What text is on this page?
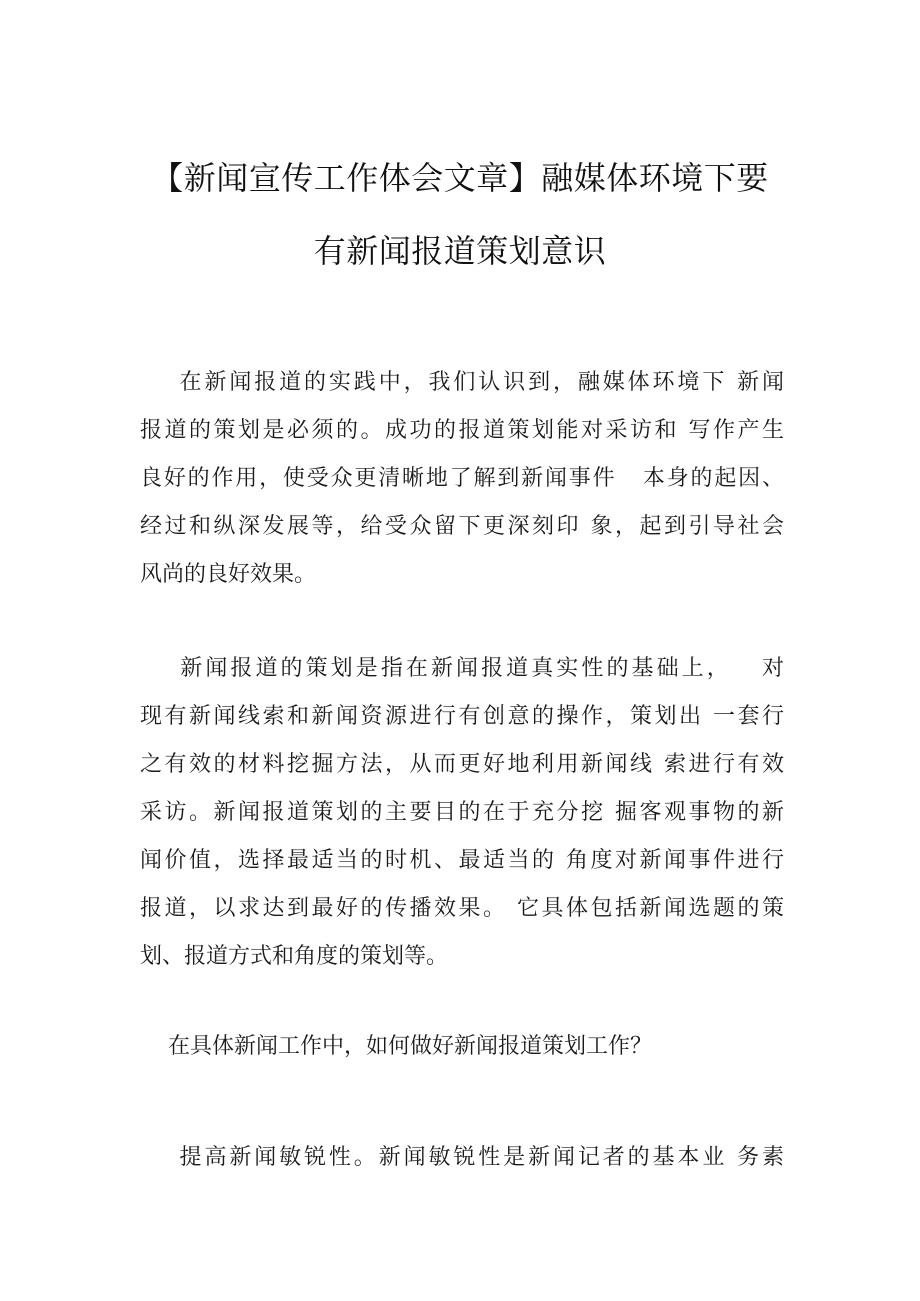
【新闻宣传工作体会文章】融媒体环境下要
有新闻报道策划意识
在新闻报道的实践中，我们认识到，融媒体环境下 新闻
报道的策划是必须的。成功的报道策划能对采访和 写作产生
良好的作用，使受众更清晰地了解到新闻事件   本身的起因、
经过和纵深发展等，给受众留下更深刻印 象，起到引导社会
风尚的良好效果。
新闻报道的策划是指在新闻报道真实性的基础上，   对
现有新闻线索和新闻资源进行有创意的操作，策划出 一套行
之有效的材料挖掘方法，从而更好地利用新闻线 索进行有效
采访。新闻报道策划的主要目的在于充分挖 掘客观事物的新
闻价值，选择最适当的时机、最适当的 角度对新闻事件进行
报道，以求达到最好的传播效果。 它具体包括新闻选题的策
划、报道方式和角度的策划等。
在具体新闻工作中，如何做好新闻报道策划工作？
提高新闻敏锐性。新闻敏锐性是新闻记者的基本业 务素
